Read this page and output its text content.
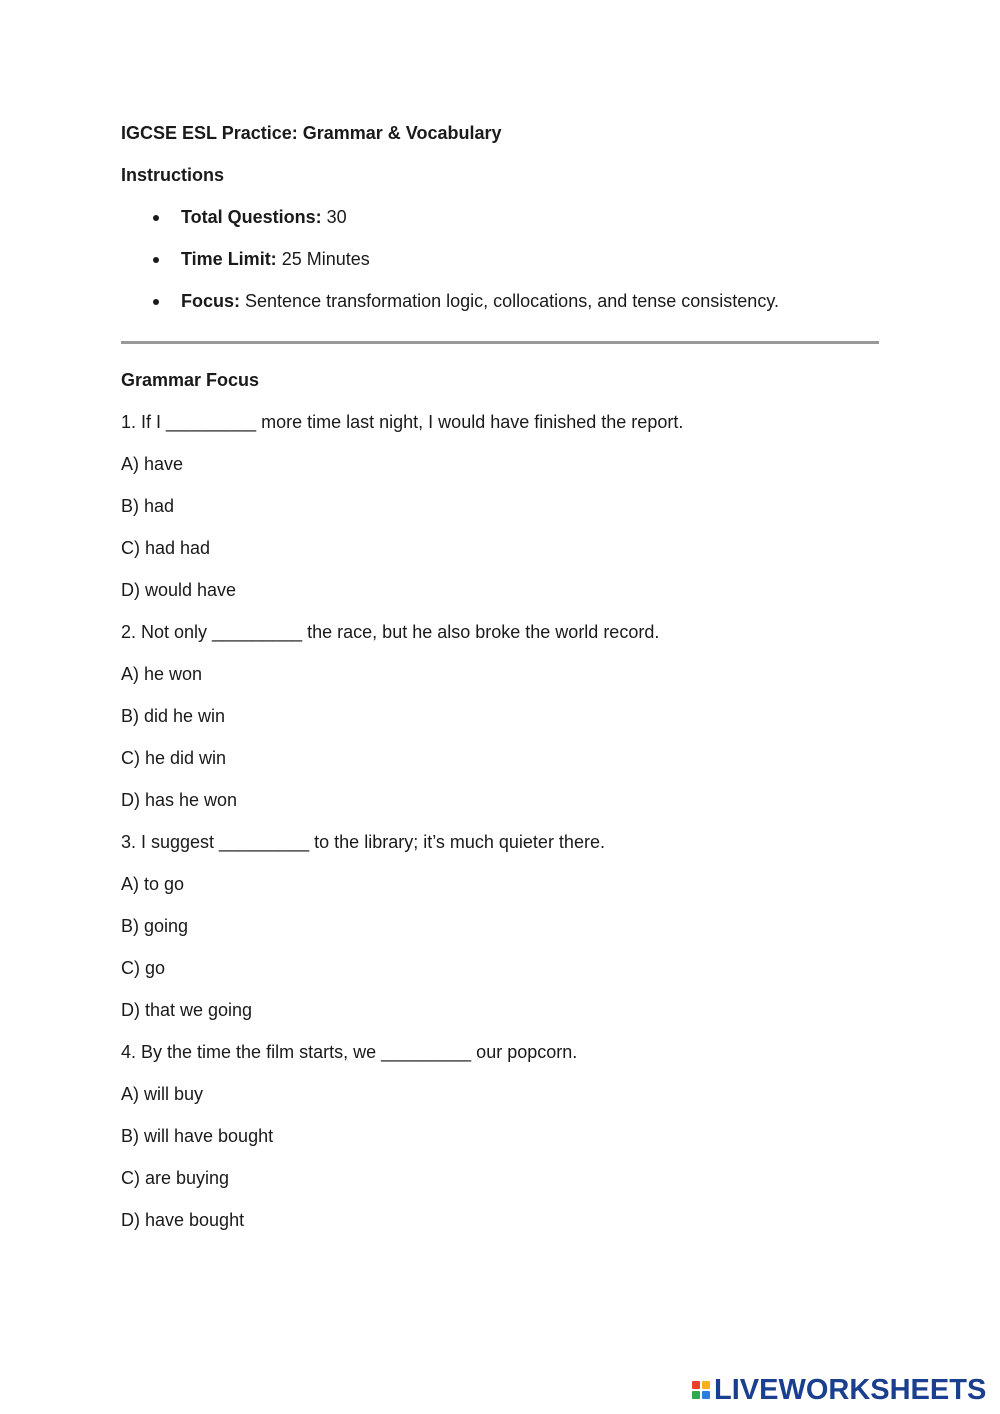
IGCSE ESL Practice: Grammar & Vocabulary
Instructions
Total Questions: 30
Time Limit: 25 Minutes
Focus: Sentence transformation logic, collocations, and tense consistency.
Grammar Focus
1. If I _________ more time last night, I would have finished the report.
A) have
B) had
C) had had
D) would have
2. Not only _________ the race, but he also broke the world record.
A) he won
B) did he win
C) he did win
D) has he won
3. I suggest _________ to the library; it’s much quieter there.
A) to go
B) going
C) go
D) that we going
4. By the time the film starts, we _________ our popcorn.
A) will buy
B) will have bought
C) are buying
D) have bought
LIVEWORKSHEETS
